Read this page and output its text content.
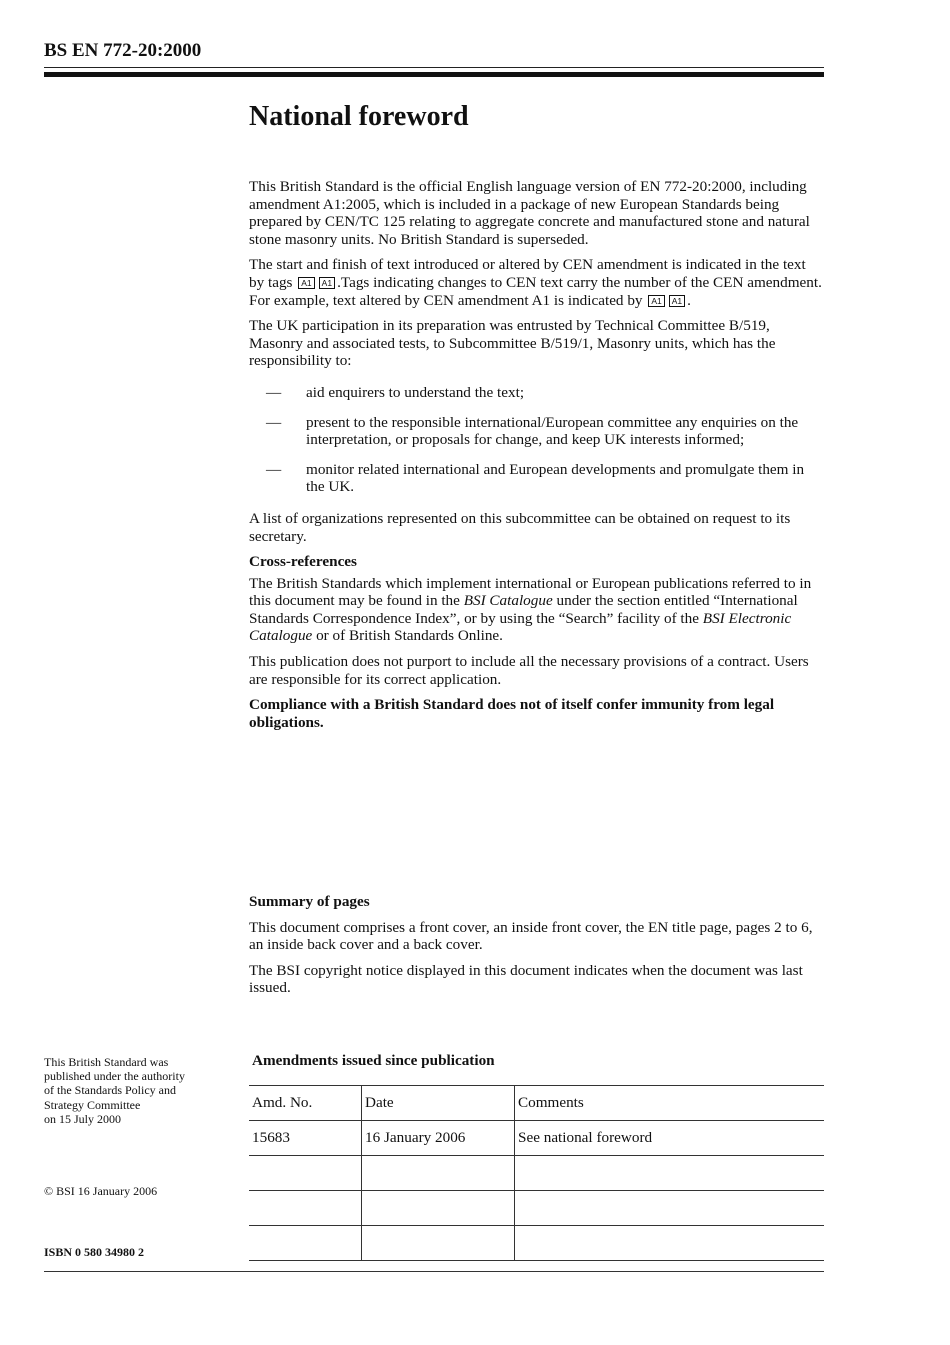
BS EN 772-20:2000
National foreword

This British Standard is the official English language version of EN 772-20:2000, including amendment A1:2005, which is included in a package of new European Standards being prepared by CEN/TC 125 relating to aggregate concrete and manufactured stone and natural stone masonry units. No British Standard is superseded.

The start and finish of text introduced or altered by CEN amendment is indicated in the text by tags A1 A1 .Tags indicating changes to CEN text carry the number of the CEN amendment. For example, text altered by CEN amendment A1 is indicated by A1 A1 .

The UK participation in its preparation was entrusted by Technical Committee B/519, Masonry and associated tests, to Subcommittee B/519/1, Masonry units, which has the responsibility to:

— aid enquirers to understand the text;
— present to the responsible international/European committee any enquiries on the interpretation, or proposals for change, and keep UK interests informed;
— monitor related international and European developments and promulgate them in the UK.

A list of organizations represented on this subcommittee can be obtained on request to its secretary.

Cross-references

The British Standards which implement international or European publications referred to in this document may be found in the BSI Catalogue under the section entitled “International Standards Correspondence Index”, or by using the “Search” facility of the BSI Electronic Catalogue or of British Standards Online.

This publication does not purport to include all the necessary provisions of a contract. Users are responsible for its correct application.

Compliance with a British Standard does not of itself confer immunity from legal obligations.

Summary of pages

This document comprises a front cover, an inside front cover, the EN title page, pages 2 to 6, an inside back cover and a back cover.

The BSI copyright notice displayed in this document indicates when the document was last issued.

This British Standard was
published under the authority
of the Standards Policy and
Strategy Committee
on 15 July 2000
© BSI 16 January 2006
ISBN 0 580 34980 2
Amendments issued since publication
Amd. No.	Date	Comments
15683	16 January 2006	See national foreword
